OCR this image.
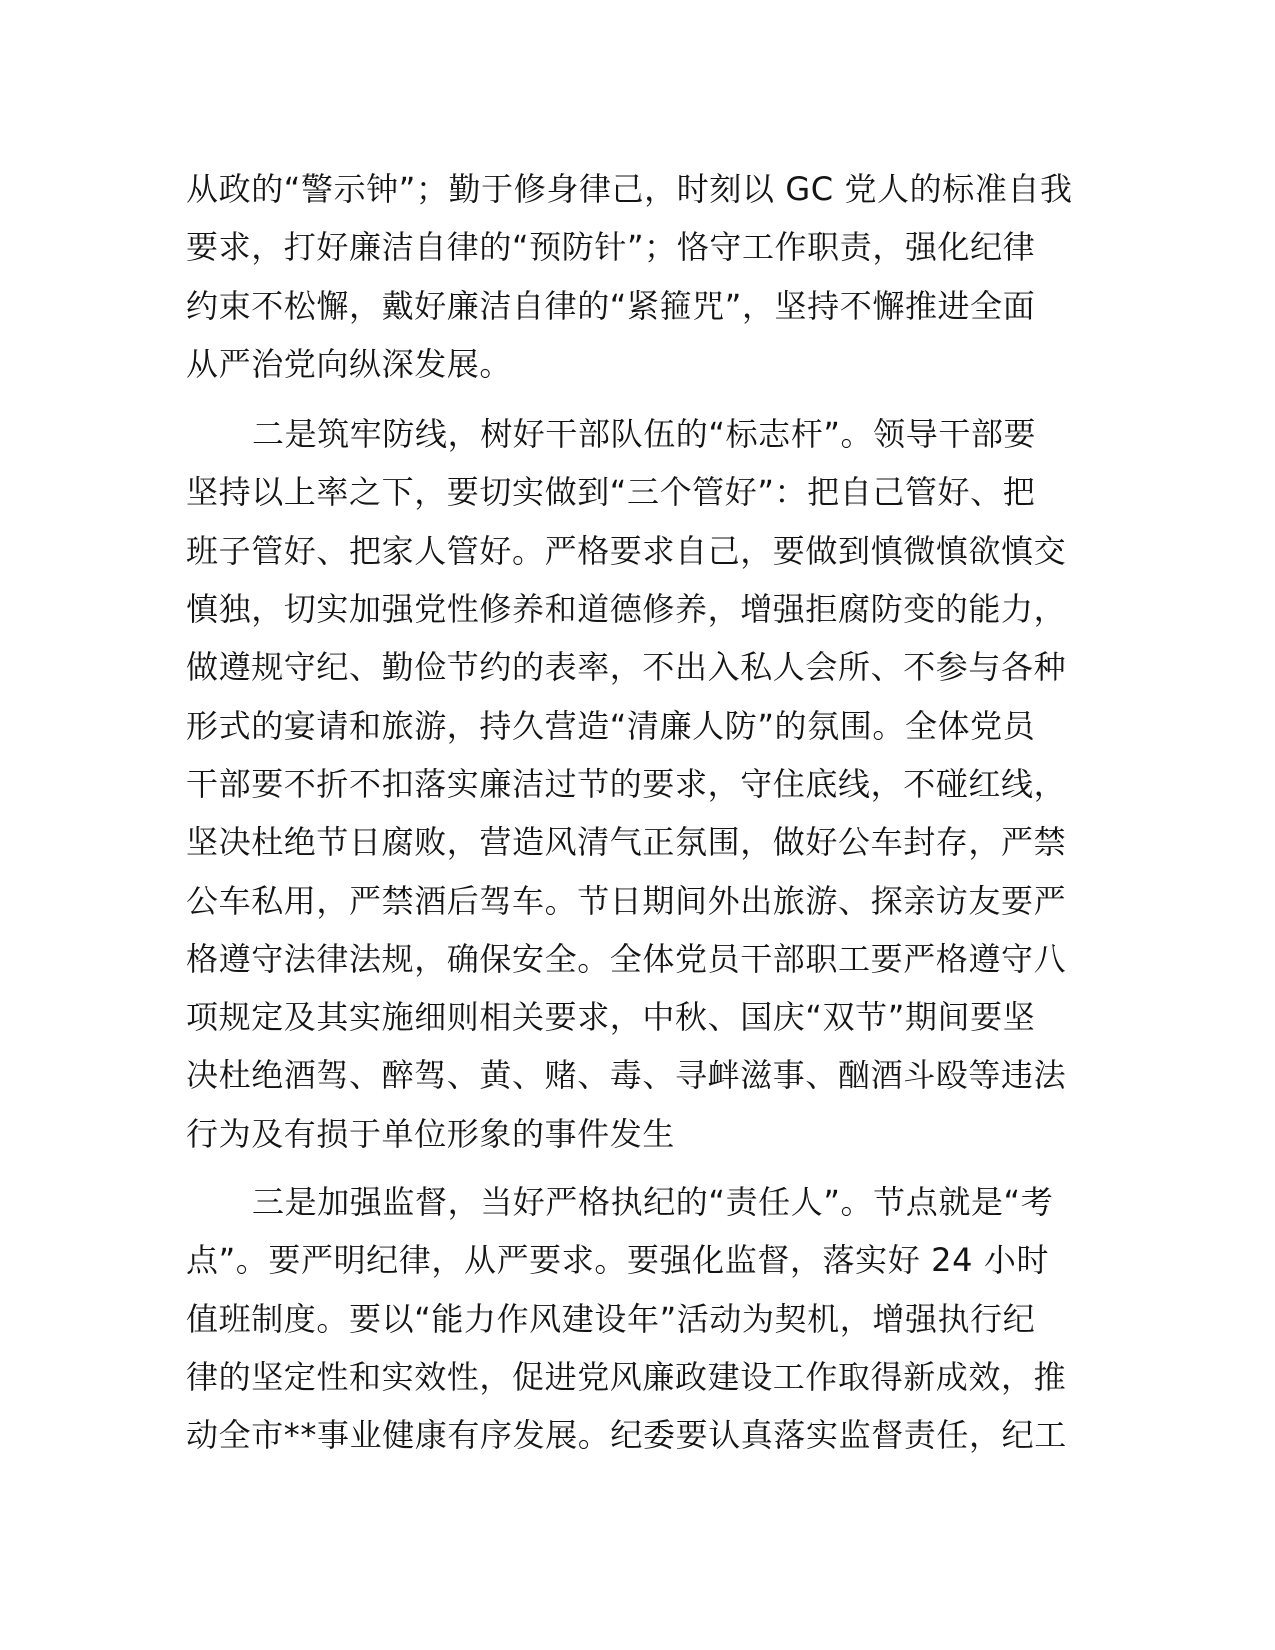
从政的“警示钟”；勤于修身律己，时刻以 GC 党人的标准自我
要求，打好廉洁自律的“预防针”；恪守工作职责，强化纪律
约束不松懈，戴好廉洁自律的“紧箍咒”，坚持不懈推进全面
从严治党向纵深发展。
二是筑牢防线，树好干部队伍的“标志杆”。领导干部要
坚持以上率之下，要切实做到“三个管好”：把自己管好、把
班子管好、把家人管好。严格要求自己，要做到慎微慎欲慎交
慎独，切实加强党性修养和道德修养，增强拒腐防变的能力，
做遵规守纪、勤俭节约的表率，不出入私人会所、不参与各种
形式的宴请和旅游，持久营造“清廉人防”的氛围。全体党员
干部要不折不扣落实廉洁过节的要求，守住底线，不碰红线，
坚决杜绝节日腐败，营造风清气正氛围，做好公车封存，严禁
公车私用，严禁酒后驾车。节日期间外出旅游、探亲访友要严
格遵守法律法规，确保安全。全体党员干部职工要严格遵守八
项规定及其实施细则相关要求，中秋、国庆“双节”期间要坚
决杜绝酒驾、醉驾、黄、赌、毒、寻衅滋事、酗酒斗殴等违法
行为及有损于单位形象的事件发生
三是加强监督，当好严格执纪的“责任人”。节点就是“考
点”。要严明纪律，从严要求。要强化监督，落实好 24 小时
值班制度。要以“能力作风建设年”活动为契机，增强执行纪
律的坚定性和实效性，促进党风廉政建设工作取得新成效，推
动全市**事业健康有序发展。纪委要认真落实监督责任，纪工
